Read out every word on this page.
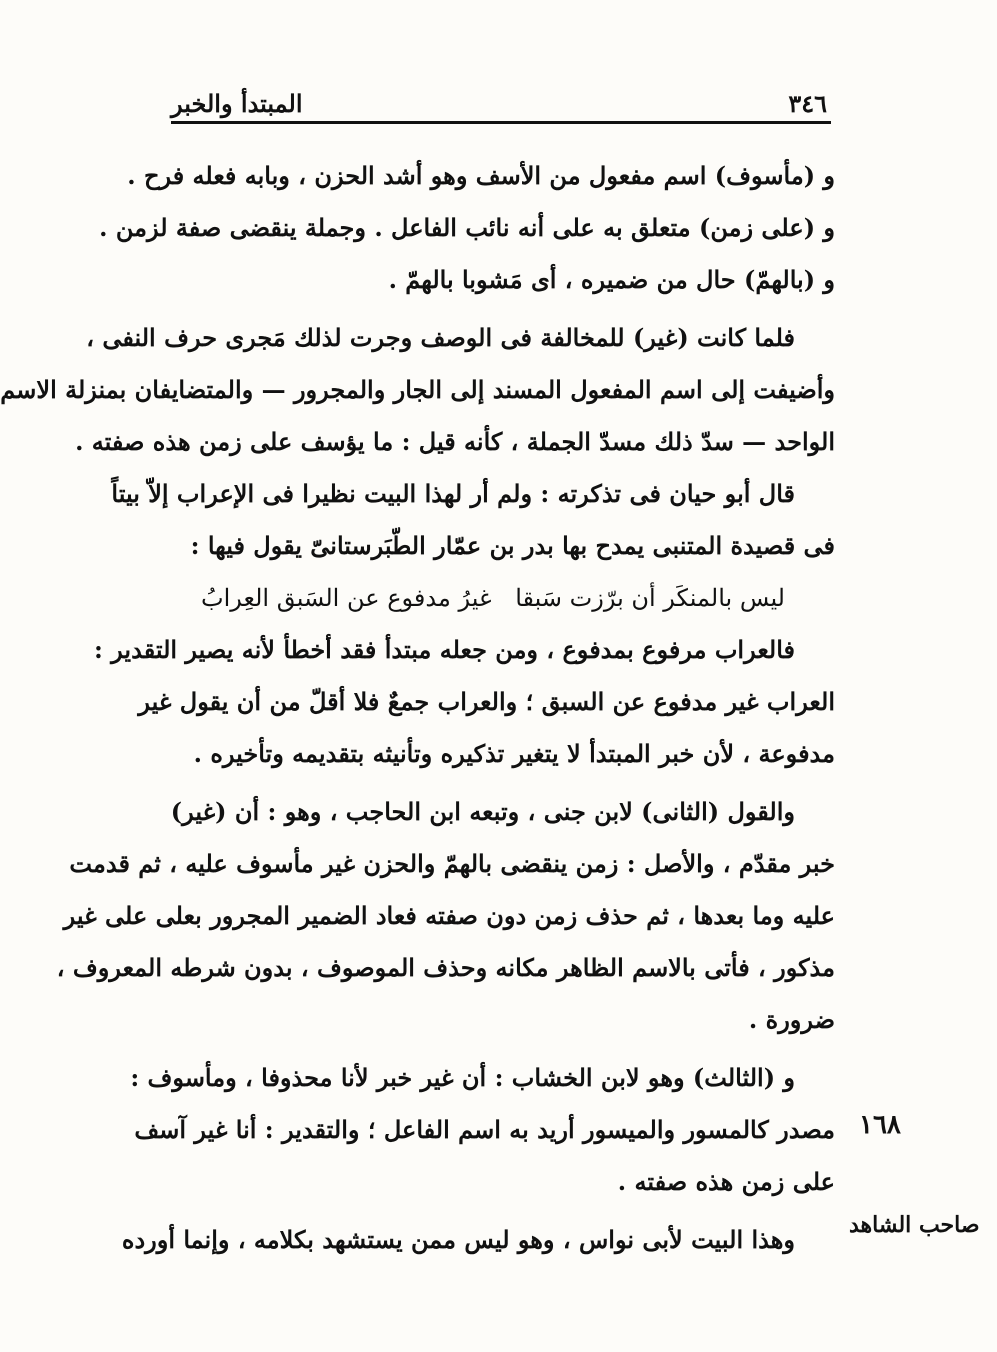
٣٤٦
المبتدأ والخبر
و (مأسوف) اسم مفعول من الأسف وهو أشد الحزن ، وبابه فعله فرح .
و (على زمن) متعلق به على أنه نائب الفاعل . وجملة ينقضى صفة لزمن .
و (بالهمّ) حال من ضميره ، أى مَشوبا بالهمّ .
فلما كانت (غير) للمخالفة فى الوصف وجرت لذلك مَجرى حرف النفى ،
وأضيفت إلى اسم المفعول المسند إلى الجار والمجرور — والمتضايفان بمنزلة الاسم
الواحد — سدّ ذلك مسدّ الجملة ، كأنه قيل : ما يؤسف على زمن هذه صفته .
قال أبو حيان فى تذكرته : ولم أر لهذا البيت نظيرا فى الإعراب إلاّ بيتاً
فى قصيدة المتنبى يمدح بها بدر بن عمّار الطّبَرستانىّ يقول فيها :
ليس بالمنكَر أن برّزت سَبقا
غيرُ مدفوع عن السَبق العِرابُ
فالعراب مرفوع بمدفوع ، ومن جعله مبتدأ فقد أخطأ لأنه يصير التقدير :
العراب غير مدفوع عن السبق ؛ والعراب جمعٌ فلا أقلّ من أن يقول غير
مدفوعة ، لأن خبر المبتدأ لا يتغير تذكيره وتأنيثه بتقديمه وتأخيره .
والقول (الثانى) لابن جنى ، وتبعه ابن الحاجب ، وهو : أن (غير)
خبر مقدّم ، والأصل : زمن ينقضى بالهمّ والحزن غير مأسوف عليه ، ثم قدمت
عليه وما بعدها ، ثم حذف زمن دون صفته فعاد الضمير المجرور بعلى على غير
مذكور ، فأتى بالاسم الظاهر مكانه وحذف الموصوف ، بدون شرطه المعروف ،
ضرورة .
و (الثالث) وهو لابن الخشاب : أن غير خبر لأنا محذوفا ، ومأسوف :
مصدر كالمسور والميسور أريد به اسم الفاعل ؛ والتقدير : أنا غير آسف
على زمن هذه صفته .
وهذا البيت لأبى نواس ، وهو ليس ممن يستشهد بكلامه ، وإنما أورده
١٦٨
صاحب الشاهد
